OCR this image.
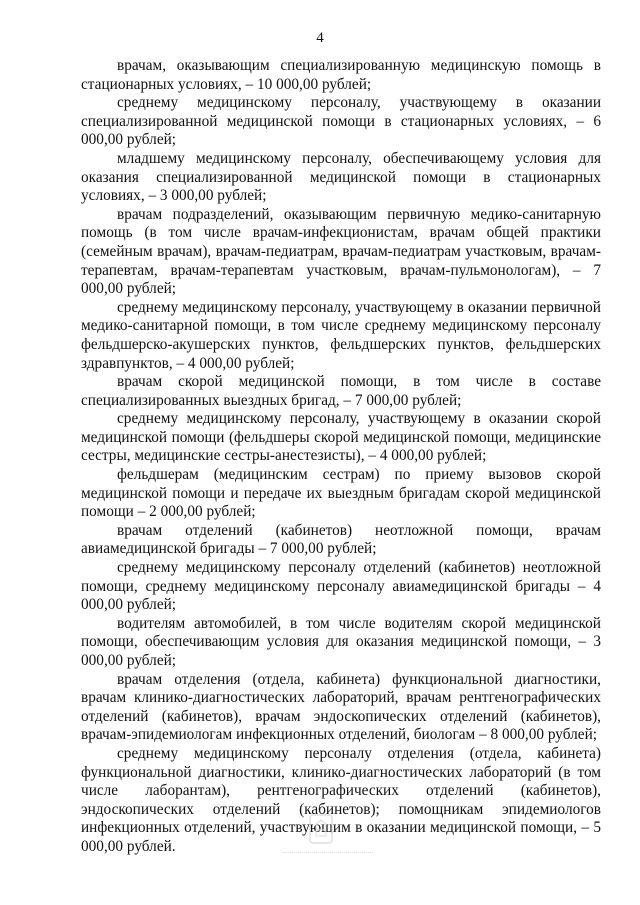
4

врачам, оказывающим специализированную медицинскую помощь в стационарных условиях, – 10 000,00 рублей;

среднему медицинскому персоналу, участвующему в оказании специализированной медицинской помощи в стационарных условиях, – 6 000,00 рублей;

младшему медицинскому персоналу, обеспечивающему условия для оказания специализированной медицинской помощи в стационарных условиях, – 3 000,00 рублей;

врачам подразделений, оказывающим первичную медико-санитарную помощь (в том числе врачам-инфекционистам, врачам общей практики (семейным врачам), врачам-педиатрам, врачам-педиатрам участковым, врачам-терапевтам, врачам-терапевтам участковым, врачам-пульмонологам), – 7 000,00 рублей;

среднему медицинскому персоналу, участвующему в оказании первичной медико-санитарной помощи, в том числе среднему медицинскому персоналу фельдшерско-акушерских пунктов, фельдшерских пунктов, фельдшерских здравпунктов, – 4 000,00 рублей;

врачам скорой медицинской помощи, в том числе в составе специализированных выездных бригад, – 7 000,00 рублей;

среднему медицинскому персоналу, участвующему в оказании скорой медицинской помощи (фельдшеры скорой медицинской помощи, медицинские сестры, медицинские сестры-анестезисты), – 4 000,00 рублей;

фельдшерам (медицинским сестрам) по приему вызовов скорой медицинской помощи и передаче их выездным бригадам скорой медицинской помощи – 2 000,00 рублей;

врачам отделений (кабинетов) неотложной помощи, врачам авиамедицинской бригады – 7 000,00 рублей;

среднему медицинскому персоналу отделений (кабинетов) неотложной помощи, среднему медицинскому персоналу авиамедицинской бригады – 4 000,00 рублей;

водителям автомобилей, в том числе водителям скорой медицинской помощи, обеспечивающим условия для оказания медицинской помощи, – 3 000,00 рублей;

врачам отделения (отдела, кабинета) функциональной диагностики, врачам клинико-диагностических лабораторий, врачам рентгенографических отделений (кабинетов), врачам эндоскопических отделений (кабинетов), врачам-эпидемиологам инфекционных отделений, биологам – 8 000,00 рублей;

среднему медицинскому персоналу отделения (отдела, кабинета) функциональной диагностики, клинико-диагностических лабораторий (в том числе лаборантам), рентгенографических отделений (кабинетов), эндоскопических отделений (кабинетов); помощникам эпидемиологов инфекционных отделений, участвующим в оказании медицинской помощи, – 5 000,00 рублей.
